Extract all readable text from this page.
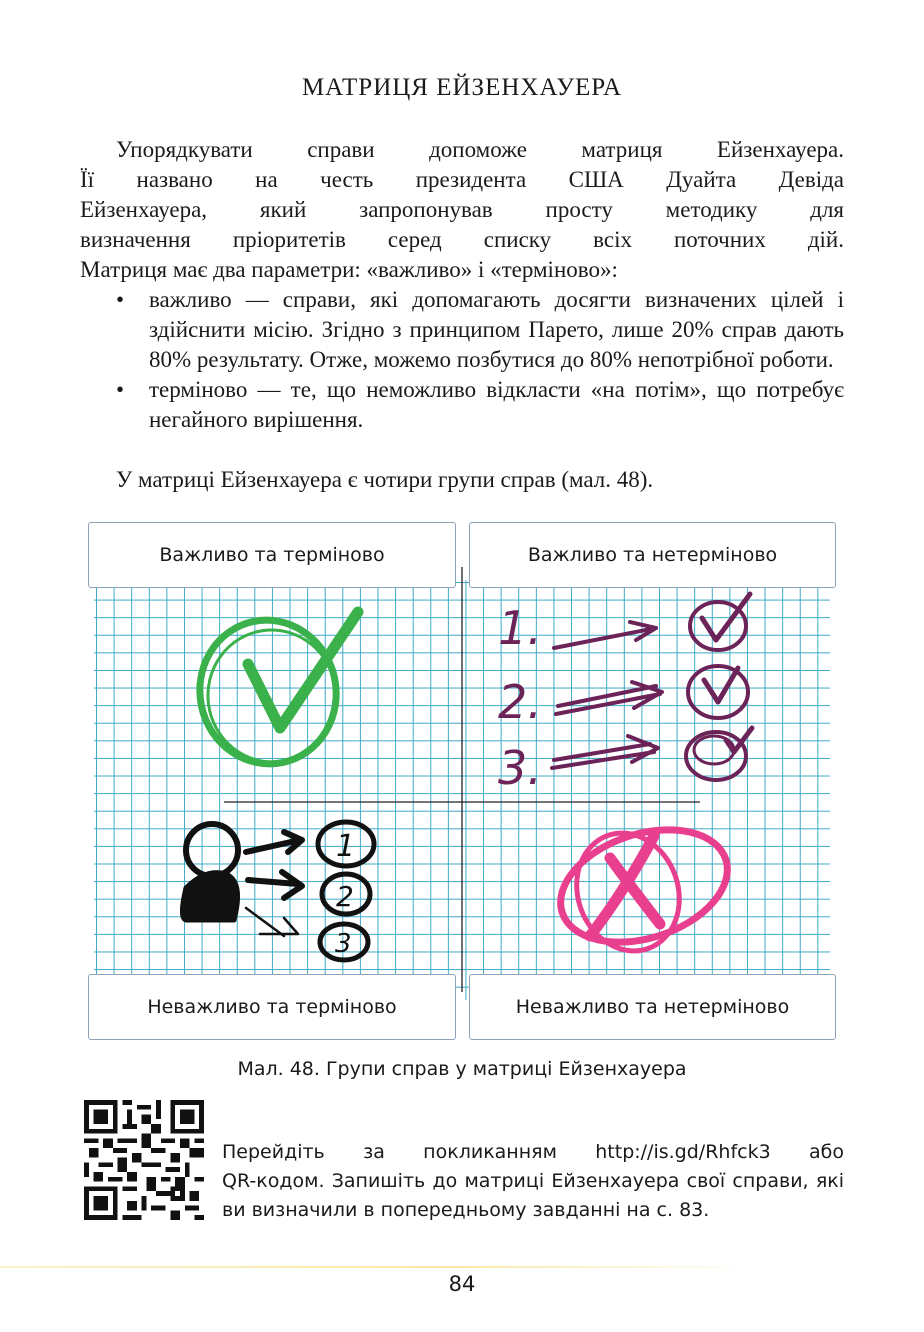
МАТРИЦЯ ЕЙЗЕНХАУЕРА

Упорядкувати справи допоможе матриця Ейзенхауера.

Її названо на честь президента США Дуайта Девіда

Ейзенхауера, який запропонував просту методику для

визначення пріоритетів серед списку всіх поточних дій.

Матриця має два параметри: «важливо» і «терміново»:

• важливо — справи, які допомагають досягти визначених цілей і здійснити місію. Згідно з принципом Парето, лише 20% справ дають 80% результату. Отже, можемо позбутися до 80% непотрібної роботи.
• терміново — те, що неможливо відкласти «на потім», що потребує негайного вирішення.
У матриці Ейзенхауера є чотири групи справ (мал. 48).
1.
2.
3.
1
2
3
Важливо та терміново	Важливо та нетерміново
Неважливо та терміново	Неважливо та нетерміново
Мал. 48. Групи справ у матриці Ейзенхауера
Перейдіть за покликанням http://is.gd/Rhfck3 або
QR-кодом. Запишіть до матриці Ейзенхауера свої справи, які ви визначили в попередньому завданні на с. 83.
84
